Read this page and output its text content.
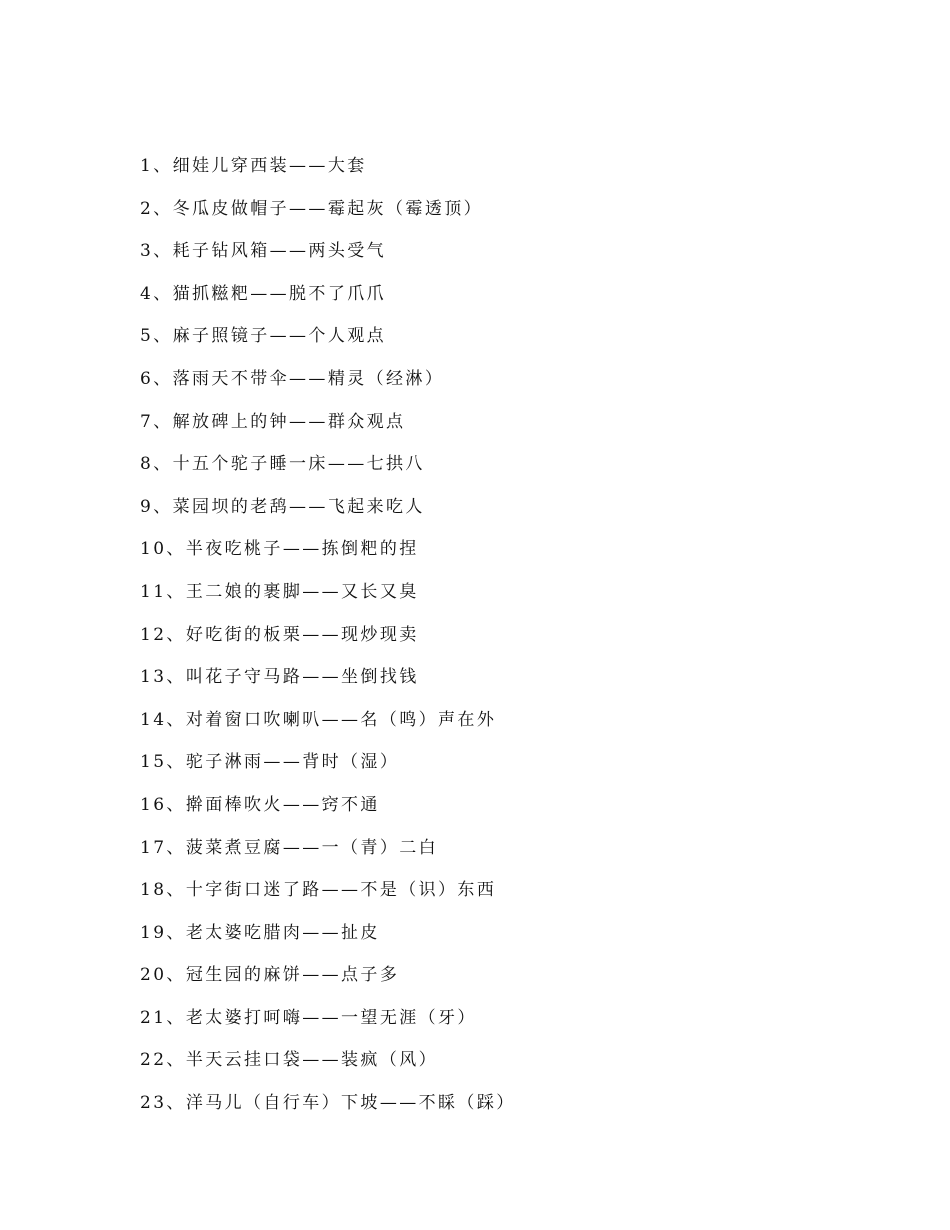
1、细娃儿穿西装——大套
2、冬瓜皮做帽子——霉起灰（霉透顶）
3、耗子钻风箱——两头受气
4、猫抓糍粑——脱不了爪爪
5、麻子照镜子——个人观点
6、落雨天不带伞——精灵（经淋）
7、解放碑上的钟——群众观点
8、十五个驼子睡一床——七拱八
9、菜园坝的老鸹——飞起来吃人
10、半夜吃桃子——拣倒粑的捏
11、王二娘的裹脚——又长又臭
12、好吃街的板栗——现炒现卖
13、叫花子守马路——坐倒找钱
14、对着窗口吹喇叭——名（鸣）声在外
15、驼子淋雨——背时（湿）
16、擀面棒吹火——窍不通
17、菠菜煮豆腐——一（青）二白
18、十字街口迷了路——不是（识）东西
19、老太婆吃腊肉——扯皮
20、冠生园的麻饼——点子多
21、老太婆打呵嗨——一望无涯（牙）
22、半天云挂口袋——装疯（风）
23、洋马儿（自行车）下坡——不睬（踩）
